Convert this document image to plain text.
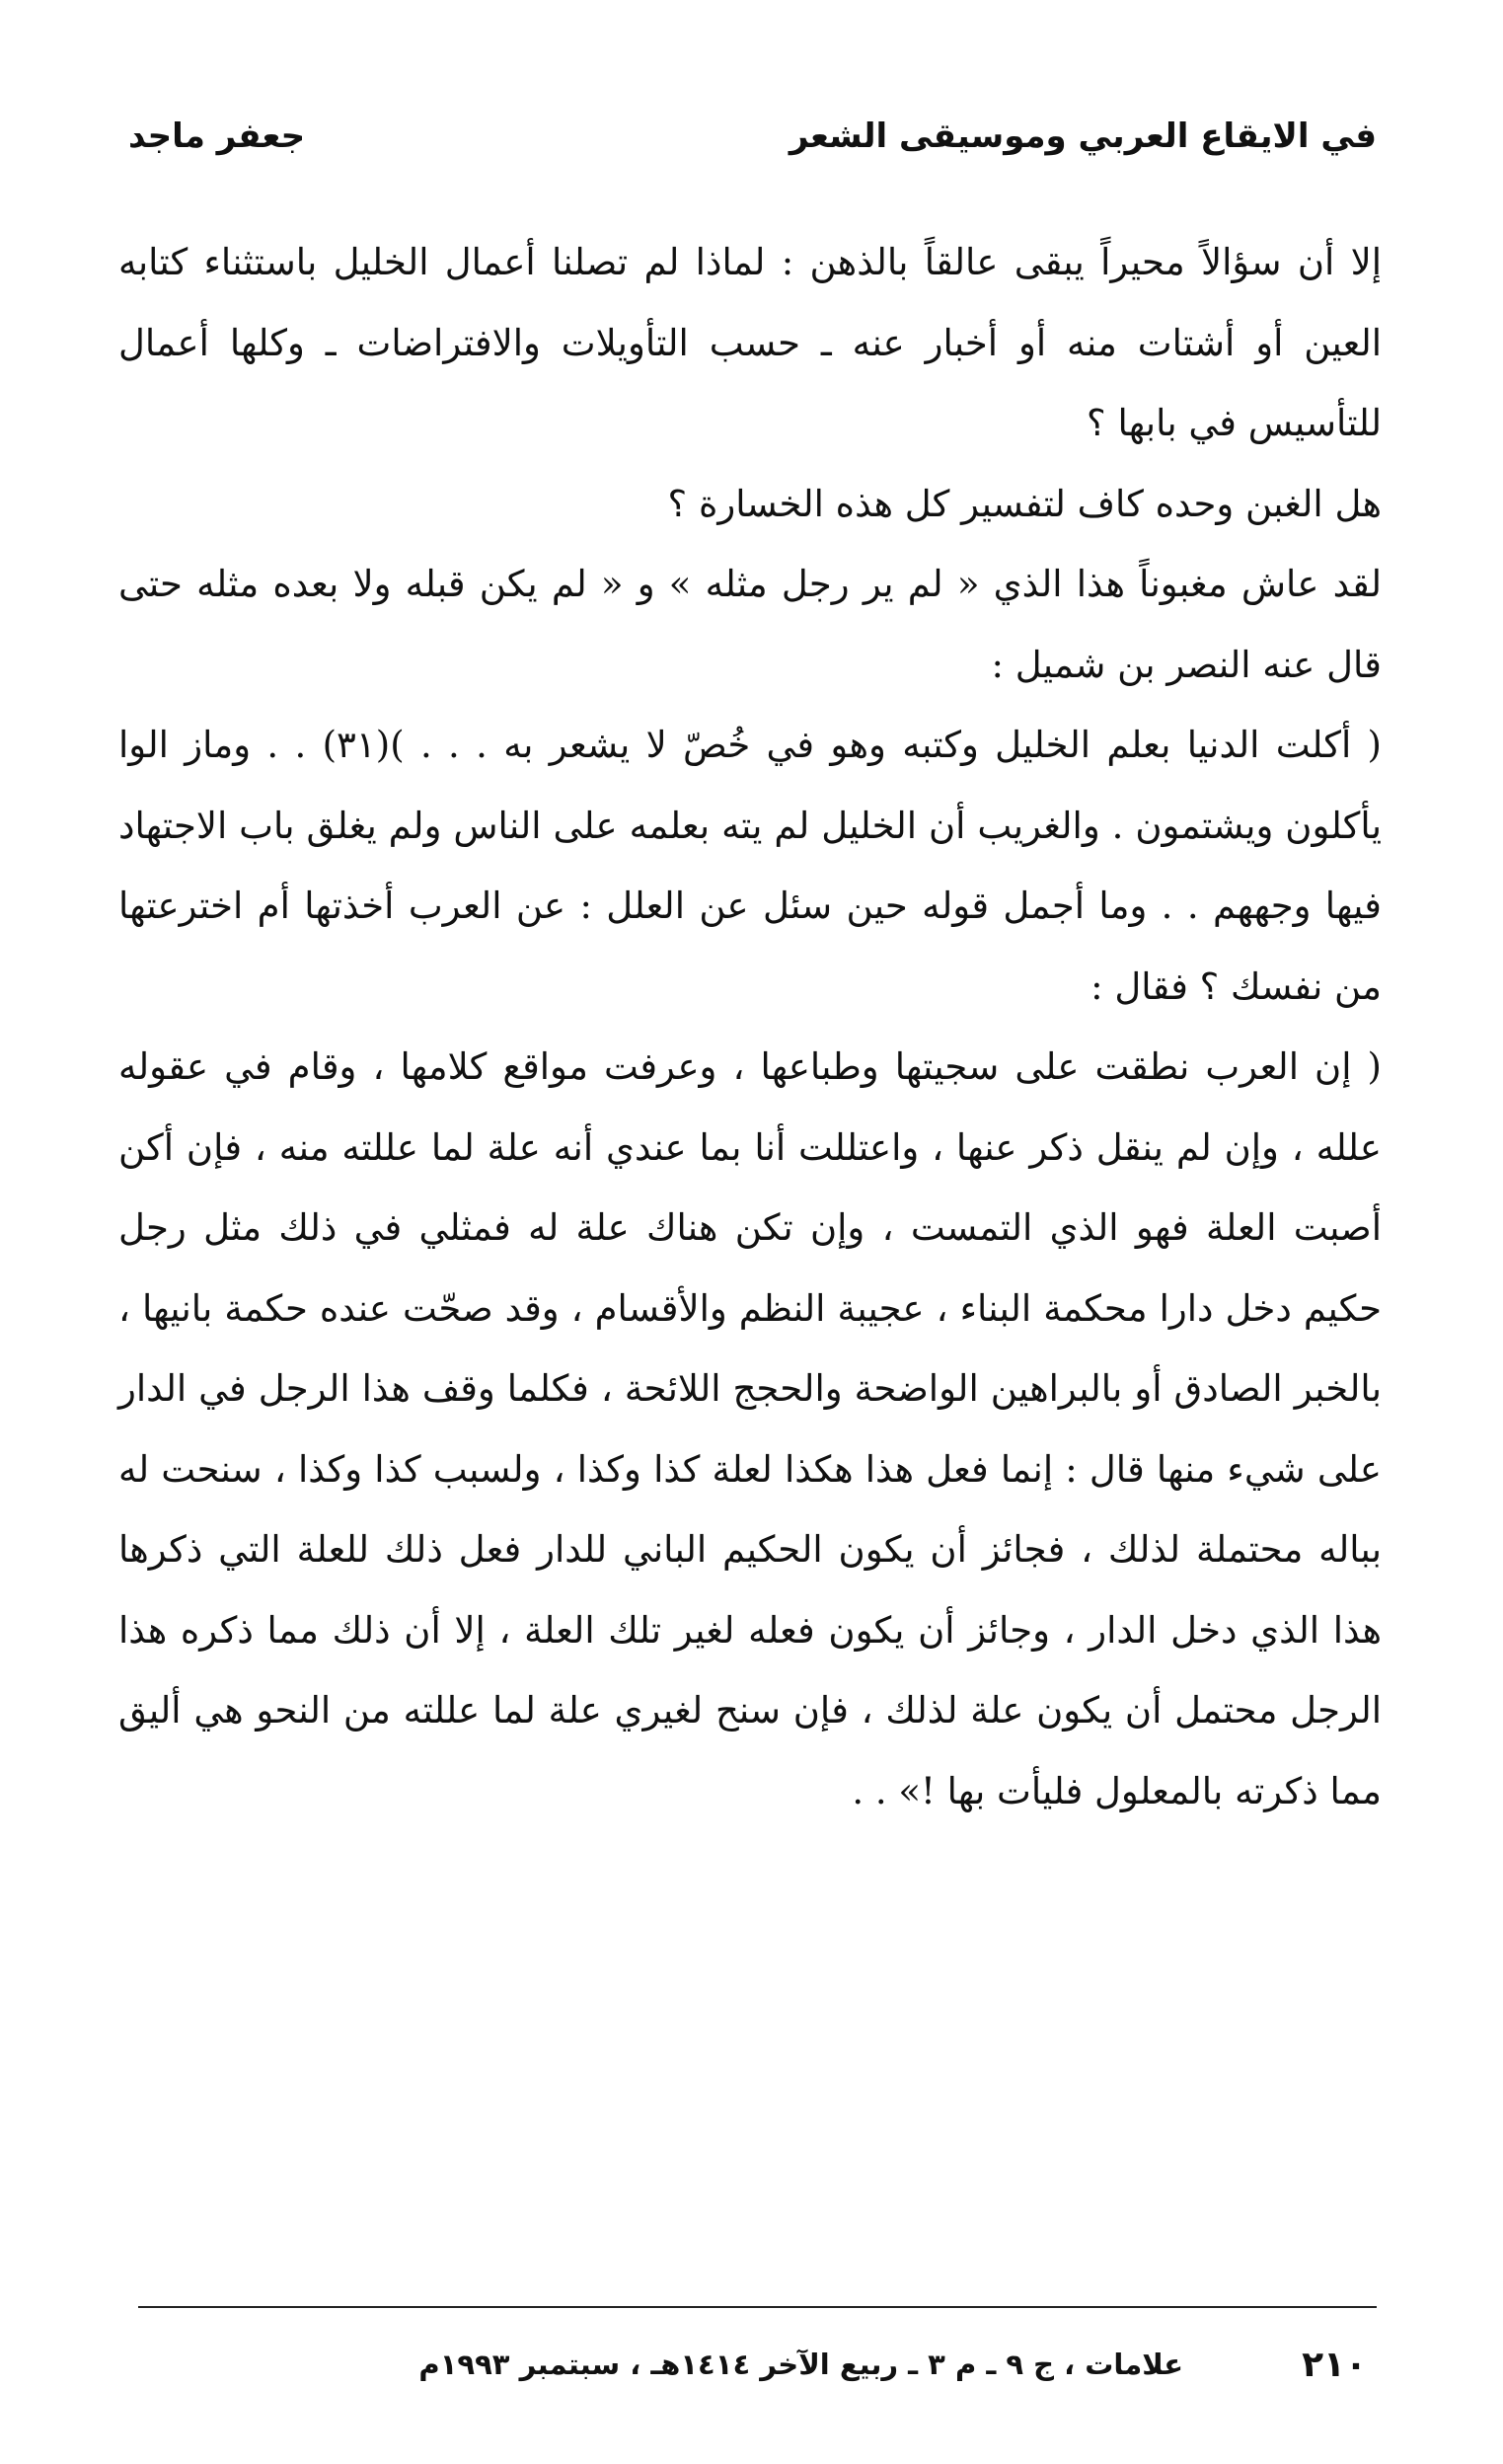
في الايقاع العربي وموسيقى الشعر
جعفر ماجد

إلا أن سؤالاً محيراً يبقى عالقاً بالذهن : لماذا لم تصلنا أعمال الخليل باستثناء كتابه العين أو أشتات منه أو أخبار عنه ـ حسب التأويلات والافتراضات ـ وكلها أعمال للتأسيس في بابها ؟

هل الغبن وحده كاف لتفسير كل هذه الخسارة ؟

لقد عاش مغبوناً هذا الذي « لم ير رجل مثله » و « لم يكن قبله ولا بعده مثله حتى قال عنه النصر بن شميل :

( أكلت الدنيا بعلم الخليل وكتبه وهو في خُصّ لا يشعر به . . . )(٣١) . . وماز الوا يأكلون ويشتمون . والغريب أن الخليل لم يته بعلمه على الناس ولم يغلق باب الاجتهاد فيها وجههم . . وما أجمل قوله حين سئل عن العلل : عن العرب أخذتها أم اخترعتها من نفسك ؟ فقال :

( إن العرب نطقت على سجيتها وطباعها ، وعرفت مواقع كلامها ، وقام في عقوله علله ، وإن لم ينقل ذكر عنها ، واعتللت أنا بما عندي أنه علة لما عللته منه ، فإن أكن أصبت العلة فهو الذي التمست ، وإن تكن هناك علة له فمثلي في ذلك مثل رجل حكيم دخل دارا محكمة البناء ، عجيبة النظم والأقسام ، وقد صحّت عنده حكمة بانيها ، بالخبر الصادق أو بالبراهين الواضحة والحجج اللائحة ، فكلما وقف هذا الرجل في الدار على شيء منها قال : إنما فعل هذا هكذا لعلة كذا وكذا ، ولسبب كذا وكذا ، سنحت له بباله محتملة لذلك ، فجائز أن يكون الحكيم الباني للدار فعل ذلك للعلة التي ذكرها هذا الذي دخل الدار ، وجائز أن يكون فعله لغير تلك العلة ، إلا أن ذلك مما ذكره هذا الرجل محتمل أن يكون علة لذلك ، فإن سنح لغيري علة لما عللته من النحو هي أليق مما ذكرته بالمعلول فليأت بها !» . .

٢١٠
علامات ، ج ٩ ـ م ٣ ـ ربيع الآخر ١٤١٤هـ ، سبتمبر ١٩٩٣م
